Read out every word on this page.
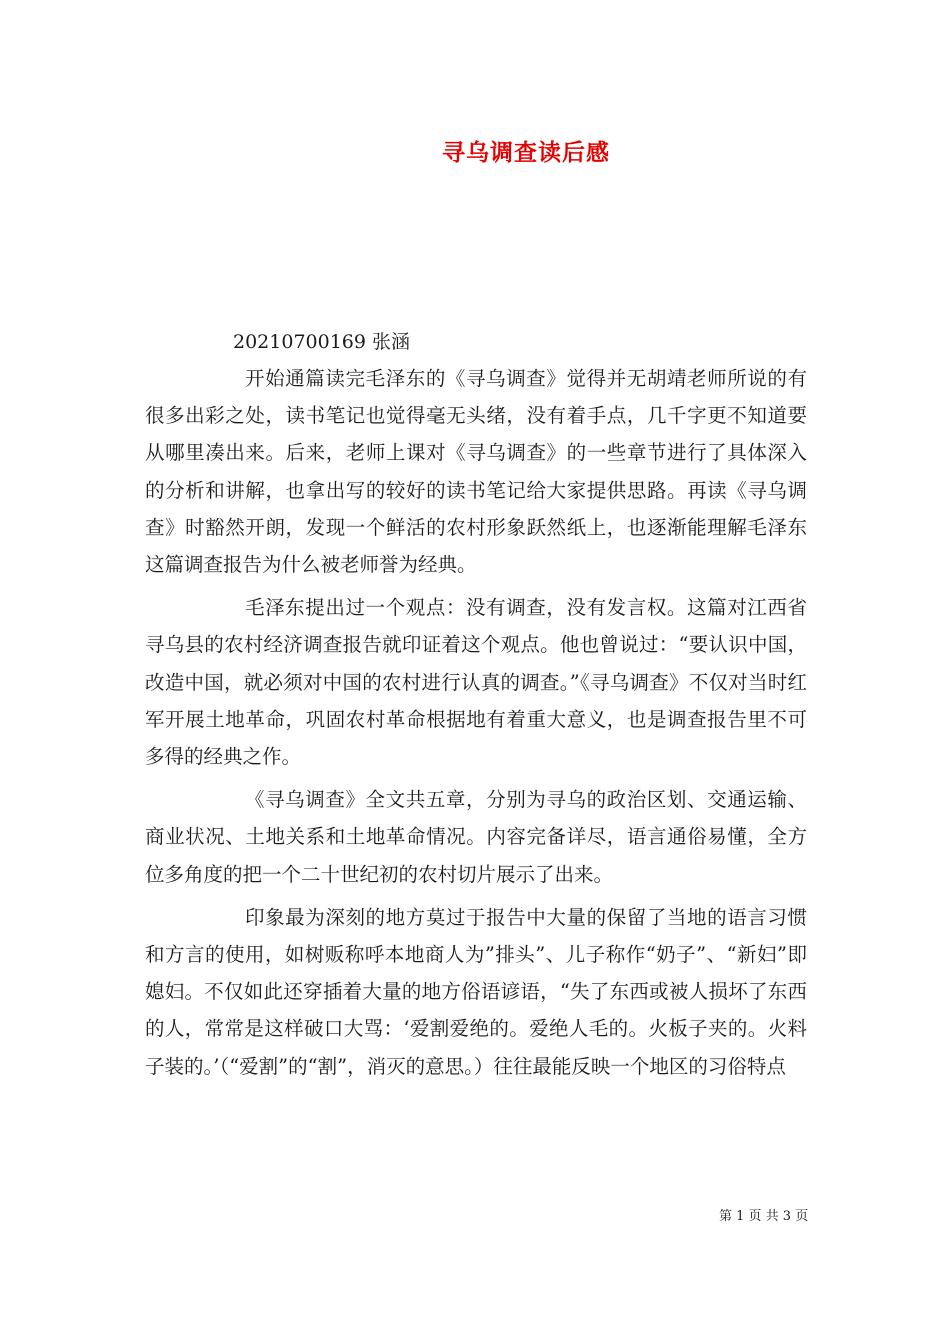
寻乌调查读后感
20210700169 张涵

开始通篇读完毛泽东的《寻乌调查》觉得并无胡靖老师所说的有很多出彩之处，读书笔记也觉得毫无头绪，没有着手点，几千字更不知道要从哪里凑出来。后来，老师上课对《寻乌调查》的一些章节进行了具体深入的分析和讲解，也拿出写的较好的读书笔记给大家提供思路。再读《寻乌调查》时豁然开朗，发现一个鲜活的农村形象跃然纸上，也逐渐能理解毛泽东这篇调查报告为什么被老师誉为经典。

毛泽东提出过一个观点：没有调查，没有发言权。这篇对江西省寻乌县的农村经济调查报告就印证着这个观点。他也曾说过：“要认识中国，改造中国，就必须对中国的农村进行认真的调查。”《寻乌调查》不仅对当时红军开展土地革命，巩固农村革命根据地有着重大意义，也是调查报告里不可多得的经典之作。

《寻乌调查》全文共五章，分别为寻乌的政治区划、交通运输、商业状况、土地关系和土地革命情况。内容完备详尽，语言通俗易懂，全方位多角度的把一个二十世纪初的农村切片展示了出来。

印象最为深刻的地方莫过于报告中大量的保留了当地的语言习惯和方言的使用，如树贩称呼本地商人为”排头”、儿子称作“奶子”、“新妇”即媳妇。不仅如此还穿插着大量的地方俗语谚语，“失了东西或被人损坏了东西的人，常常是这样破口大骂：‘爱割爱绝的。爱绝人毛的。火板子夹的。火料子装的。’（“爱割”的“割”，消灭的意思。）往往最能反映一个地区的习俗特点

第 1 页 共 3 页
